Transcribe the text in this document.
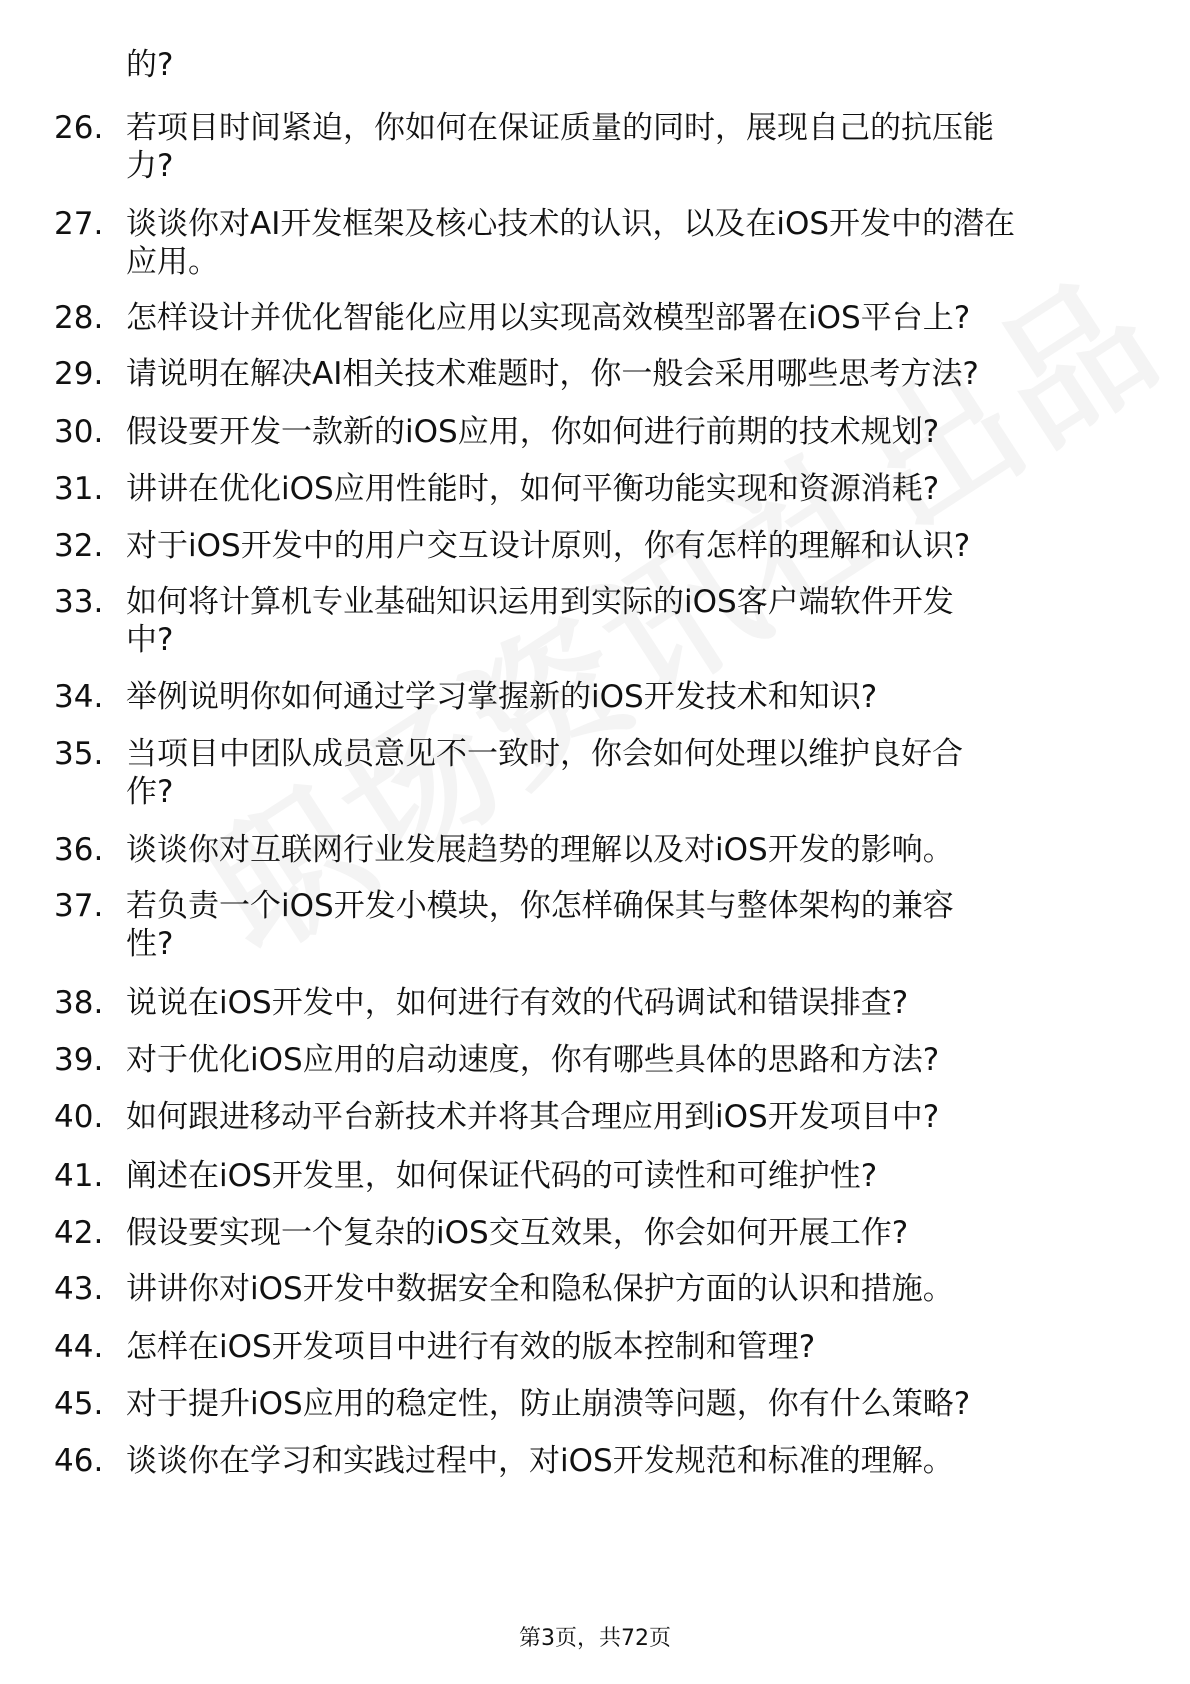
的?
26. 若项目时间紧迫，你如何在保证质量的同时，展现自己的抗压能
力?
27. 谈谈你对AI开发框架及核心技术的认识，以及在iOS开发中的潜在
应用。
28. 怎样设计并优化智能化应用以实现高效模型部署在iOS平台上?
29. 请说明在解决AI相关技术难题时，你一般会采用哪些思考方法?
30. 假设要开发一款新的iOS应用，你如何进行前期的技术规划?
31. 讲讲在优化iOS应用性能时，如何平衡功能实现和资源消耗?
32. 对于iOS开发中的用户交互设计原则，你有怎样的理解和认识?
33. 如何将计算机专业基础知识运用到实际的iOS客户端软件开发
中?
34. 举例说明你如何通过学习掌握新的iOS开发技术和知识?
35. 当项目中团队成员意见不一致时，你会如何处理以维护良好合
作?
36. 谈谈你对互联网行业发展趋势的理解以及对iOS开发的影响。
37. 若负责一个iOS开发小模块，你怎样确保其与整体架构的兼容
性?
38. 说说在iOS开发中，如何进行有效的代码调试和错误排查?
39. 对于优化iOS应用的启动速度，你有哪些具体的思路和方法?
40. 如何跟进移动平台新技术并将其合理应用到iOS开发项目中?
41. 阐述在iOS开发里，如何保证代码的可读性和可维护性?
42. 假设要实现一个复杂的iOS交互效果，你会如何开展工作?
43. 讲讲你对iOS开发中数据安全和隐私保护方面的认识和措施。
44. 怎样在iOS开发项目中进行有效的版本控制和管理?
45. 对于提升iOS应用的稳定性，防止崩溃等问题，你有什么策略?
46. 谈谈你在学习和实践过程中，对iOS开发规范和标准的理解。
第3页，共72页
